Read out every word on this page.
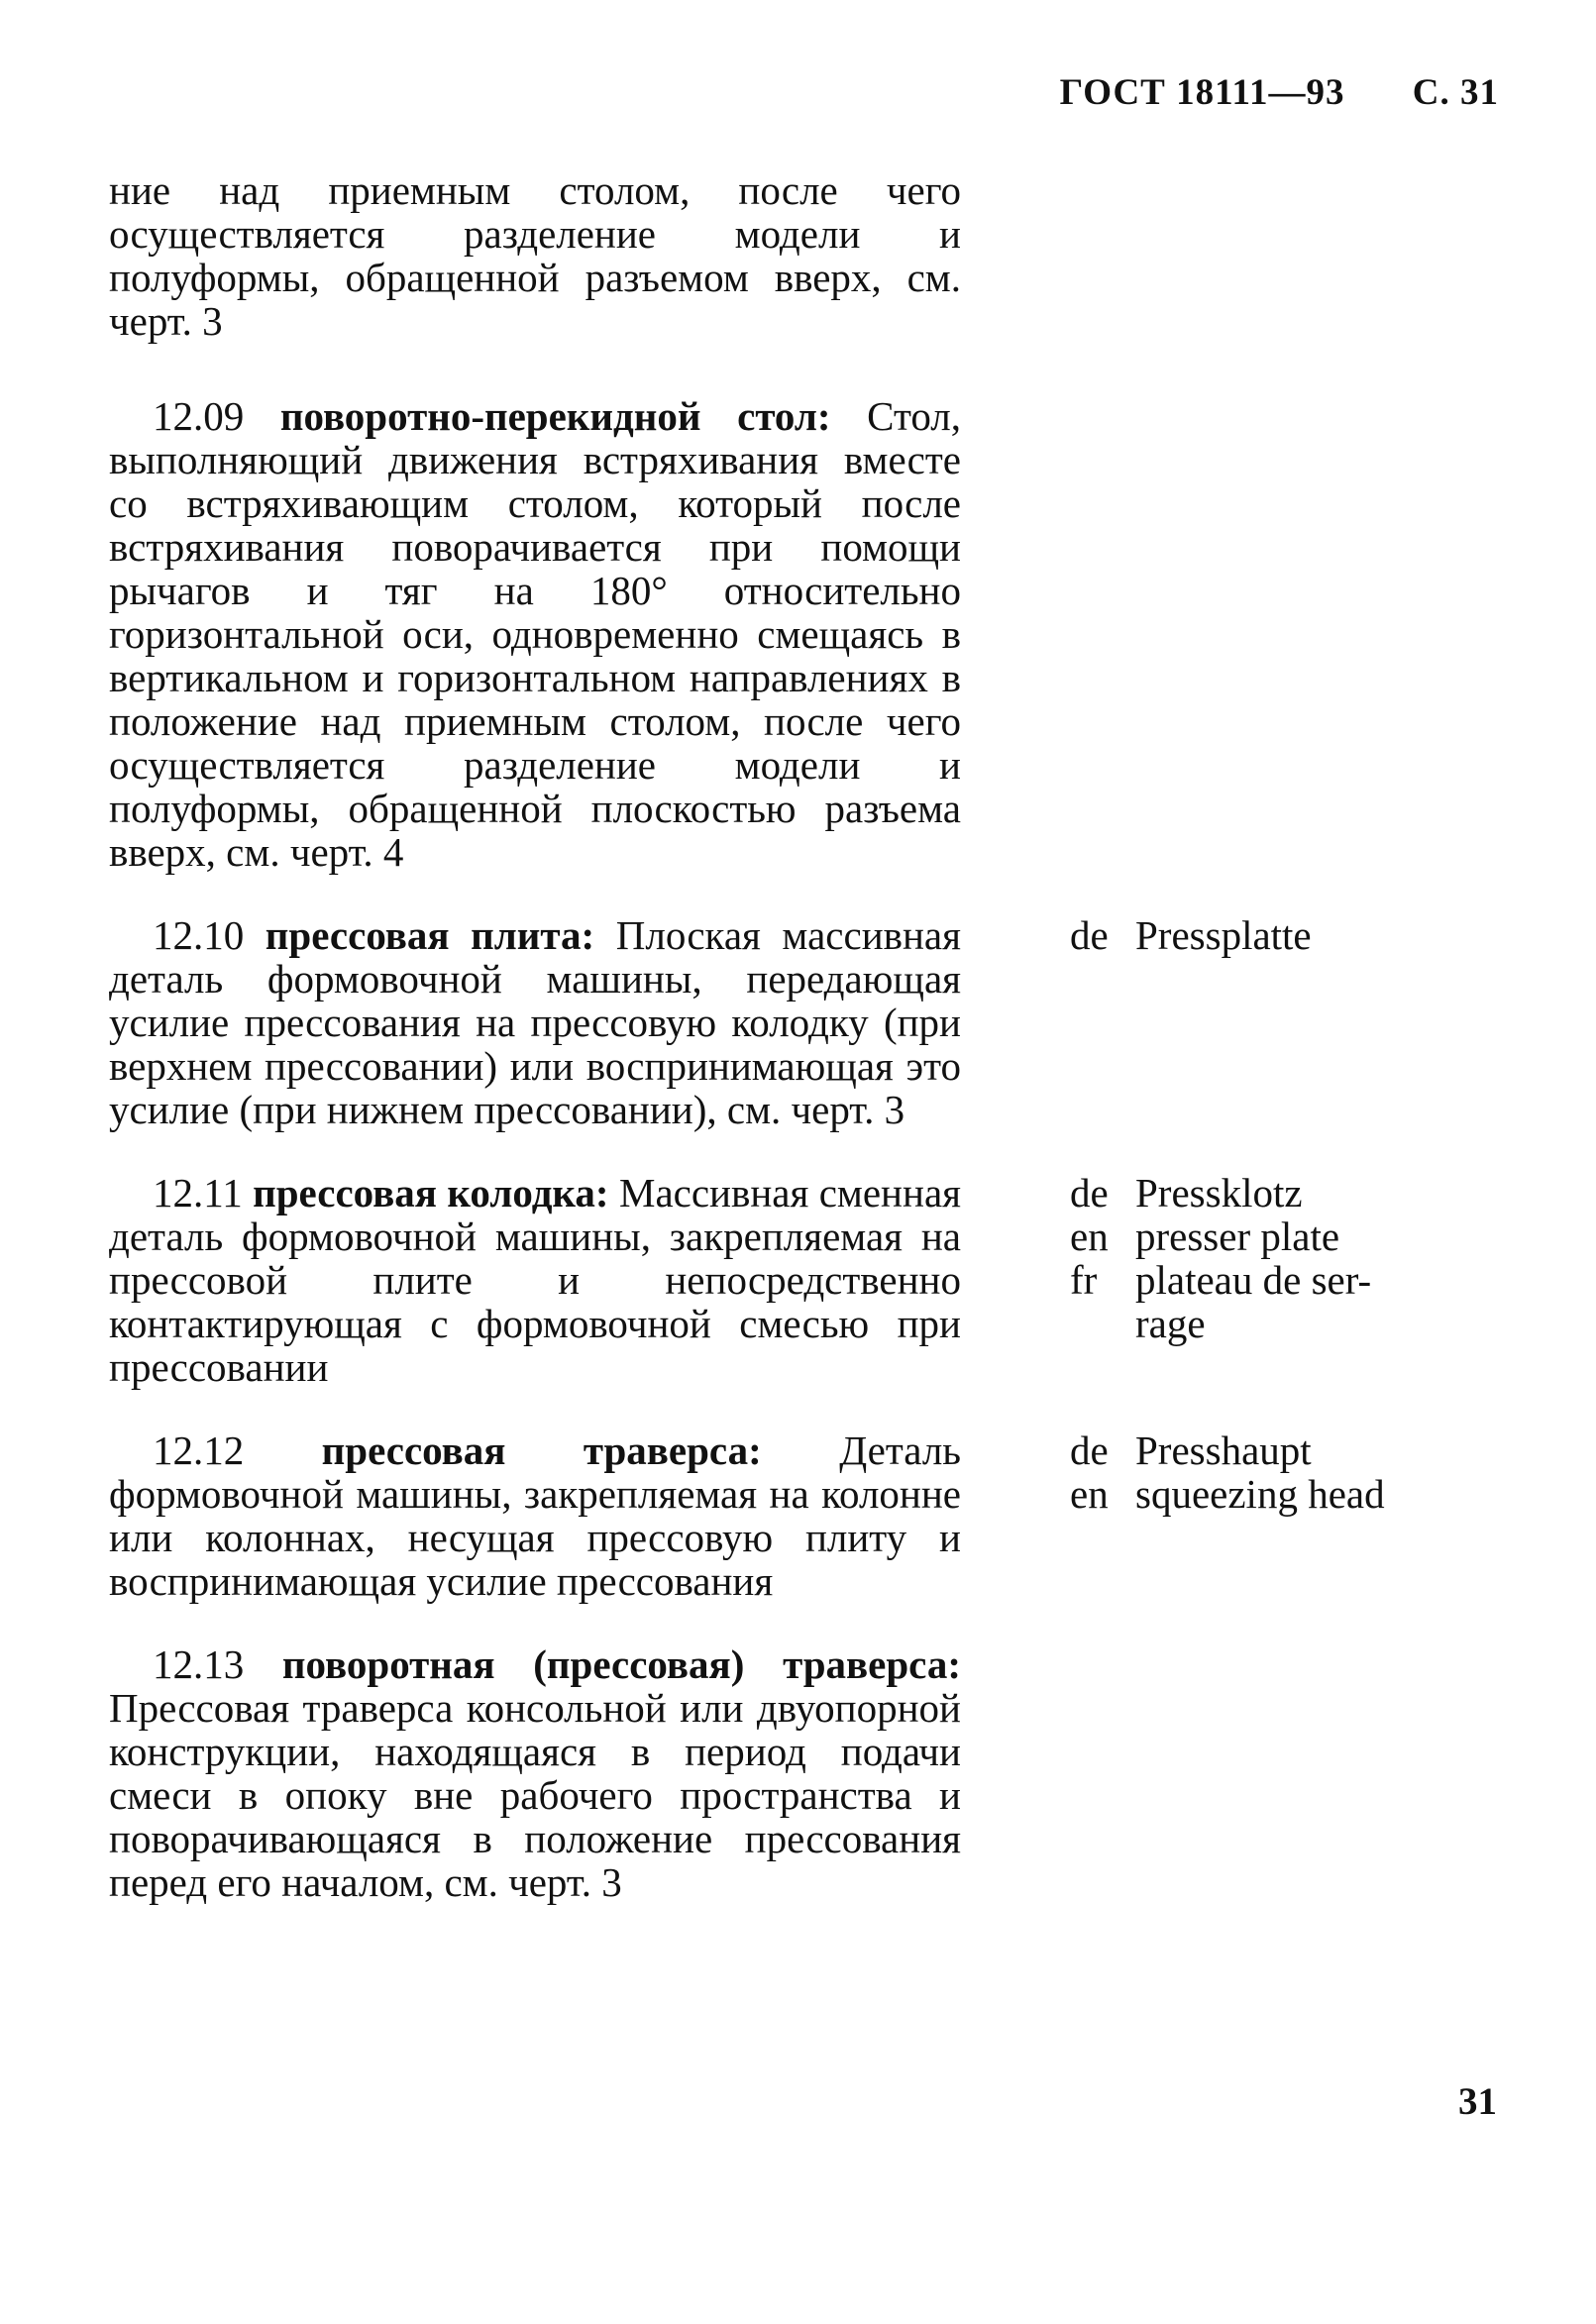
ГОСТ 18111—93 С. 31

ние над приемным столом, после чего осуществляется разделение модели и полуформы, обращенной разъемом вверх, см. черт. 3

12.09 поворотно-перекидной стол: Стол, выполняющий движения встряхивания вместе со встряхивающим столом, который после встряхивания поворачивается при помощи рычагов и тяг на 180° относительно горизонтальной оси, одновременно смещаясь в вертикальном и горизонтальном направлениях в положение над приемным столом, после чего осуществляется разделение модели и полуформы, обращенной плоскостью разъема вверх, см. черт. 4

12.10 прессовая плита: Плоская массивная деталь формовочной машины, передающая усилие прессования на прессовую колодку (при верхнем прессовании) или воспринимающая это усилие (при нижнем прессовании), см. черт. 3

12.11 прессовая колодка: Массивная сменная деталь формовочной машины, закрепляемая на прессовой плите и непосредственно контактирующая с формовочной смесью при прессовании

12.12 прессовая траверса: Деталь формовочной машины, закрепляемая на колонне или колоннах, несущая прессовую плиту и воспринимающая усилие прессования

12.13 поворотная (прессовая) траверса: Прессовая траверса консольной или двуопорной конструкции, находящаяся в период подачи смеси в опоку вне рабочего пространства и поворачивающаяся в положение прессования перед его началом, см. черт. 3

de Pressplatte
de Pressklotz
en presser plate
fr plateau de ser-
rage
de Presshaupt
en squeezing head
31
